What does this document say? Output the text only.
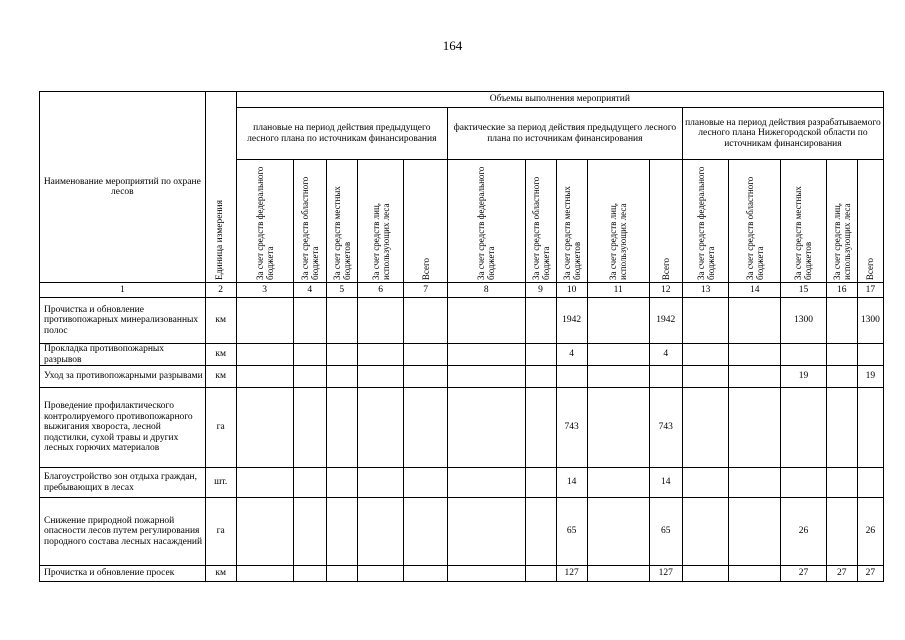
164
Наименование мероприятий по охране лесов	Единица измерения	Объемы выполнения мероприятий														
		плановые на период действия предыдущего лесного плана по источникам финансирования					фактические за период действия предыдущего лесного плана по источникам финансирования					плановые на период действия разрабатываемого лесного плана Нижегородской области по источникам финансирования				

		За счет средств федерального бюджета	За счет средств областного бюджета	За счет средств местных бюджетов	За счет средств лиц, использующих леса	Всего	За счет средств федерального бюджета	За счет средств областного бюджета	За счет средств местных бюджетов	За счет средств лиц, использующих леса	Всего	За счет средств федерального бюджета	За счет средств областного бюджета	За счет средств местных бюджетов	За счет средств лиц, использующих леса	Всего

1	2	3	4	5	6	7	8	9	10	11	12	13	14	15	16	17
Прочистка и обновление противопожарных минерализованных полос	км								1942		1942			1300		1300
Прокладка противопожарных разрывов	км								4		4					
Уход за противопожарными разрывами	км													19		19
Проведение профилактического контролируемого противопожарного выжигания хворостa, лесной подстилки, сухой травы и других лесных горючих материалов	га								743		743					
Благоустройство зон отдыха граждан, пребывающих в лесах	шт.								14		14					
Снижение природной пожарной опасности лесов путем регулирования породного состава лесных насаждений	га								65		65			26		26
Прочистка и обновление просек	км								127		127			27	27	27
